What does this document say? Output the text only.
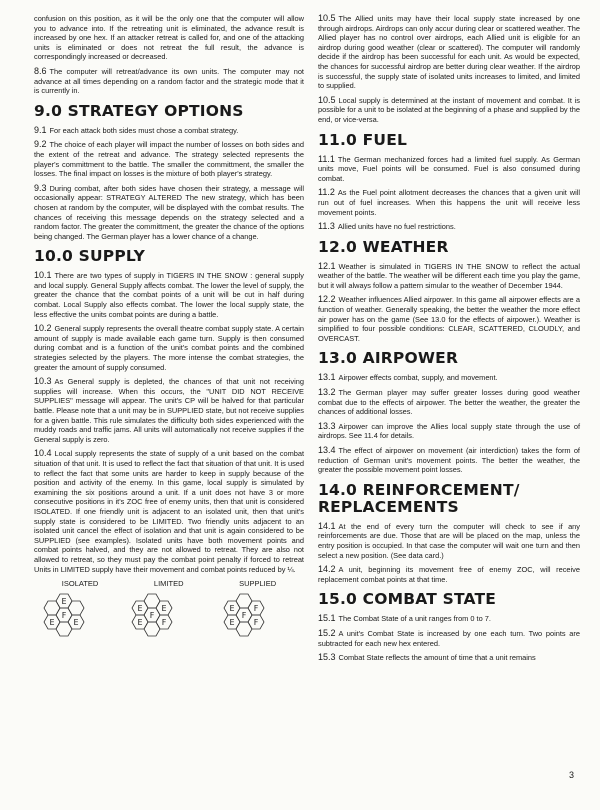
confusion on this position, as it will be the only one that the computer will allow you to advance into. If the retreating unit is eliminated, the advance result is increased by one hex. If an attacker retreat is called for, and one of the attacking units is eliminated or does not retreat the full result, the advance is correspondingly increased or decreased.

8.6 The computer will retreat/advance its own units. The computer may not advance at all times depending on a random factor and the strategic mode that it is currently in.

9.0 STRATEGY OPTIONS

9.1 For each attack both sides must chose a combat strategy.

9.2 The choice of each player will impact the number of losses on both sides and the extent of the retreat and advance. The strategy selected represents the player's committment to the battle. The smaller the committment, the smaller the losses. The final impact on losses is the mixture of both player's strategy.

9.3 During combat, after both sides have chosen their strategy, a message will occasionally appear: STRATEGY ALTERED The new strategy, which has been chosen at random by the computer, will be displayed with the combat results. The chances of receiving this message depends on the strategy selected and a random factor. The greater the committment, the greater the chance of the options being changed. The German player has a lower chance of a change.

10.0 SUPPLY

10.1 There are two types of supply in TIGERS IN THE SNOW : general supply and local supply. General Supply affects combat. The lower the level of supply, the greater the chance that the combat points of a unit will be cut in half during combat. Local Supply also effects combat. The lower the local supply state, the less effective the units combat points are during a battle.

10.2 General supply represents the overall theatre combat supply state. A certain amount of supply is made available each game turn. Supply is then consumed during combat and is a function of the unit's combat points and the combined strategies selected by the players. The more intense the combat strategies, the greater the amount of supply consumed.

10.3 As General supply is depleted, the chances of that unit not receiving supplies will increase. When this occurs, the "UNIT DID NOT RECEIVE SUPPLIES" message will appear. The unit's CP will be halved for that particular battle. Please note that a unit may be in SUPPLIED state, but not receive supplies for a given battle. This rule simulates the difficulty both sides experienced with the muddy roads and traffic jams. All units will automatically not receive supplies if the General supply is zero.

10.4 Local supply represents the state of supply of a unit based on the combat situation of that unit. It is used to reflect the fact that situation of that unit. It is used to reflect the fact that some units are harder to keep in supply because of the position and activity of the enemy. In this game, local supply is simulated by examining the six positions around a unit. If a unit does not have 3 or more consecutive positions in it's ZOC free of enemy units, then that unit is considered ISOLATED. If one friendly unit is adjacent to an isolated unit, then that unit's supply state is considered to be LIMITED. Two friendly units adjacent to an isolated unit cancel the effect of isolation and that unit is again considered to be SUPPLIED (see examples). Isolated units have both movement points and combat points halved, and they are not allowed to retreat. They are also not allowed to retreat, so they must pay the combat point penalty if forced to retreat Units in LIMITED supply have their movement and combat points reduced by ¼.

ISOLATED	LIMITED	SUPPLIED
E
F
E
E
E E
F
E F
E F
F
F
E

10.5 The Allied units may have their local supply state increased by one through airdrops. Airdrops can only accur during clear or scattered weather. The Allied player has no control over airdrops, each Allied unit is eligible for an airdrop during good weather (clear or scattered). The computer will randomly decide if the airdrop has been successful for each unit. As would be expected, the chances for successful airdrop are better during clear weather. If the airdrop is successful, the supply state of isolated units increases to limited, and limited to supplied.

10.5 Local supply is determined at the instant of movement and combat. It is possible for a unit to be isolated at the beginning of a phase and supplied by the end, or vice-versa.

11.0 FUEL

11.1 The German mechanized forces had a limited fuel supply. As German units move, Fuel points will be consumed. Fuel is also consumed during combat.

11.2 As the Fuel point allotment decreases the chances that a given unit will run out of fuel increases. When this happens the unit will receive less movement points.

11.3 Allied units have no fuel restrictions.

12.0 WEATHER

12.1 Weather is simulated in TIGERS IN THE SNOW to reflect the actual weather of the battle. The weather will be different each time you play the game, but it will always follow a pattern simular to the weather of December 1944.

12.2 Weather influences Allied airpower. In this game all airpower effects are a function of weather. Generally speaking, the better the weather the more effect air power has on the game (See 13.0 for the effects of airpower.). Weather is simplified to four possible conditions: CLEAR, SCATTERED, CLOUDLY, and OVERCAST.

13.0 AIRPOWER

13.1 Airpower effects combat, supply, and movement.

13.2 The German player may suffer greater losses during good weather combat due to the effects of airpower. The better the weather, the greater the chances of additional losses.

13.3 Airpower can improve the Allies local supply state through the use of airdrops. See 11.4 for details.

13.4 The effect of airpower on movement (air interdiction) takes the form of reduction of German unit's movement points. The better the weather, the greater the possible movement point losses.

14.0 REINFORCEMENT/ REPLACEMENTS

14.1 At the end of every turn the computer will check to see if any reinforcements are due. Those that are will be placed on the map, unless the entry position is occupied. In that case the computer will wait one turn and then select a new position. (See data card.)

14.2 A unit, beginning its movement free of enemy ZOC, will receive replacement combat points at that time.

15.0 COMBAT STATE

15.1 The Combat State of a unit ranges from 0 to 7.

15.2 A unit's Combat State is increased by one each turn. Two points are subtracted for each new hex entered.

15.3 Combat State reflects the amount of time that a unit remains

3
